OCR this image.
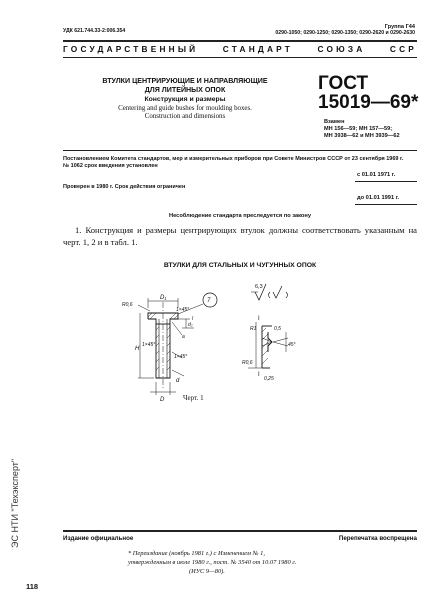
УДК 621.744.33-2:006.354
Группа Г44
0290-1050; 0290-1250; 0290-1350; 0290-2620 и 0290-2630
ГОСУДАРСТВЕННЫЙ	СТАНДАРТ	СОЮЗА	ССР
ВТУЛКИ ЦЕНТРИРУЮЩИЕ И НАПРАВЛЯЮЩИЕ
ДЛЯ ЛИТЕЙНЫХ ОПОК
Конструкция и размеры
Centering and guide bushes for moulding boxes.
Construction and dimensions
ГОСТ
15019—69*
Взамен
МН 156—59; МН 157—59;
МН 3938—62 и МН 3939—62
Постановлением Комитета стандартов, мер и измерительных приборов при Совете Министров СССР от 23 сентября 1969 г.
№ 1062 срок введения установлен
с 01.01 1971 г.
Проверен в 1980 г. Срок действия ограничен
до 01.01 1991 г.
Несоблюдение стандарта преследуется по закону
1. Конструкция и размеры центрирующих втулок должны соответствовать указанным на
черт. 1, 2 и в табл. 1.
ВТУЛКИ ДЛЯ СТАЛЬНЫХ И ЧУГУННЫХ ОПОК
D₁
R0,6
1×45°
7
d₂
l
a
R1
1×45°
1×45°
H
D
d
I
I
R0,6
0,5
45°
0,25
6,3
Черт. 1
Издание официальное	Перепечатка воспрещена
* Переиздание (ноябрь 1981 г.) с Изменением № 1,
утвержденным в июле 1980 г., пост. № 3540 от 10.07 1980 г.
(ИУС 9—80).
118
ЭС НТИ "Техэксперт"
